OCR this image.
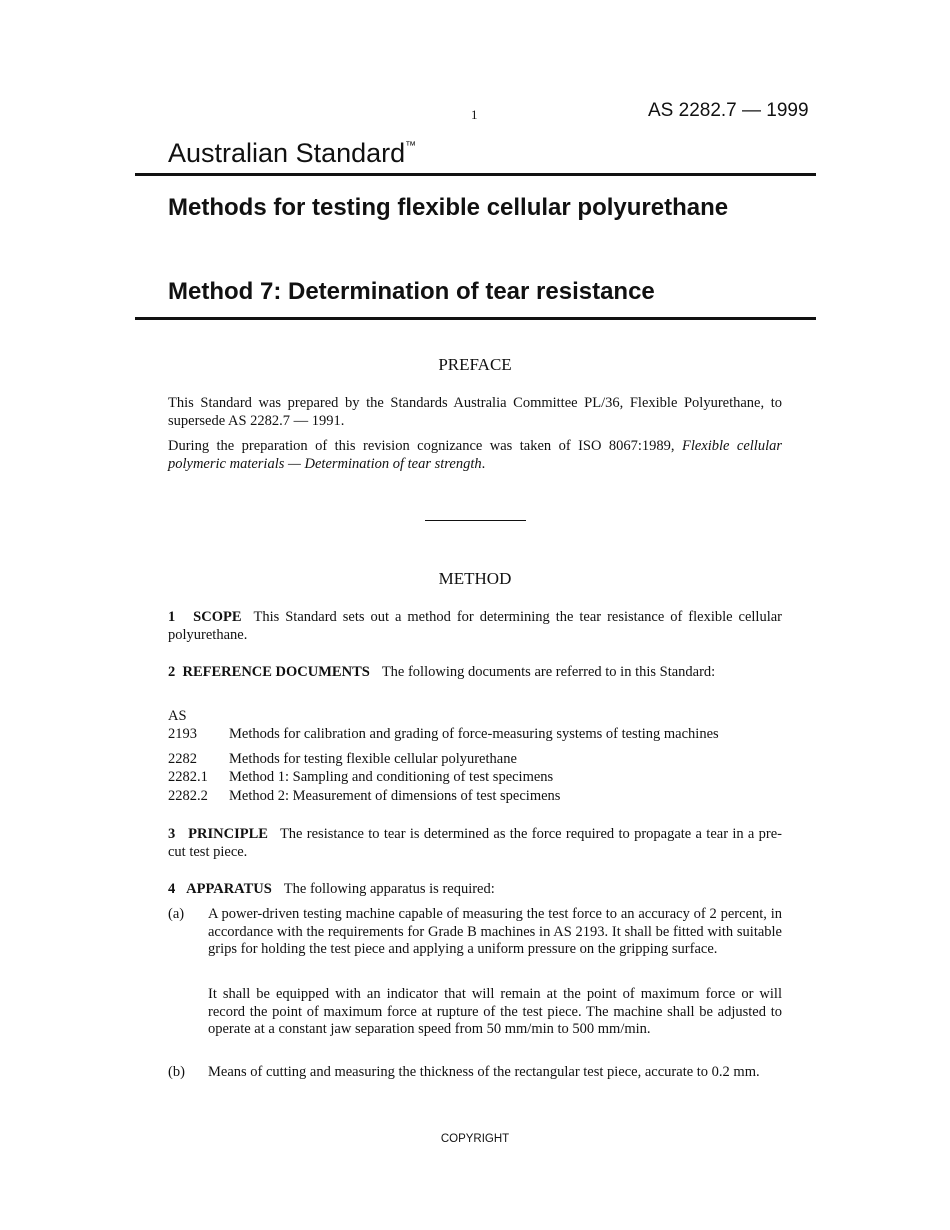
1	AS 2282.7 — 1999
Australian Standard™
Methods for testing flexible cellular polyurethane
Method 7: Determination of tear resistance
PREFACE
This Standard was prepared by the Standards Australia Committee PL/36, Flexible Polyurethane, to supersede AS 2282.7 — 1991.
During the preparation of this revision cognizance was taken of ISO 8067:1989, Flexible cellular polymeric materials — Determination of tear strength.
METHOD
1 SCOPE This Standard sets out a method for determining the tear resistance of flexible cellular polyurethane.
2 REFERENCE DOCUMENTS The following documents are referred to in this Standard:
AS
2193 Methods for calibration and grading of force-measuring systems of testing machines
2282 Methods for testing flexible cellular polyurethane
2282.1 Method 1: Sampling and conditioning of test specimens
2282.2 Method 2: Measurement of dimensions of test specimens
3 PRINCIPLE The resistance to tear is determined as the force required to propagate a tear in a pre-cut test piece.
4 APPARATUS The following apparatus is required:
(a) A power-driven testing machine capable of measuring the test force to an accuracy of 2 percent, in accordance with the requirements for Grade B machines in AS 2193. It shall be fitted with suitable grips for holding the test piece and applying a uniform pressure on the gripping surface.
It shall be equipped with an indicator that will remain at the point of maximum force or will record the point of maximum force at rupture of the test piece. The machine shall be adjusted to operate at a constant jaw separation speed from 50 mm/min to 500 mm/min.
(b) Means of cutting and measuring the thickness of the rectangular test piece, accurate to 0.2 mm.
COPYRIGHT
